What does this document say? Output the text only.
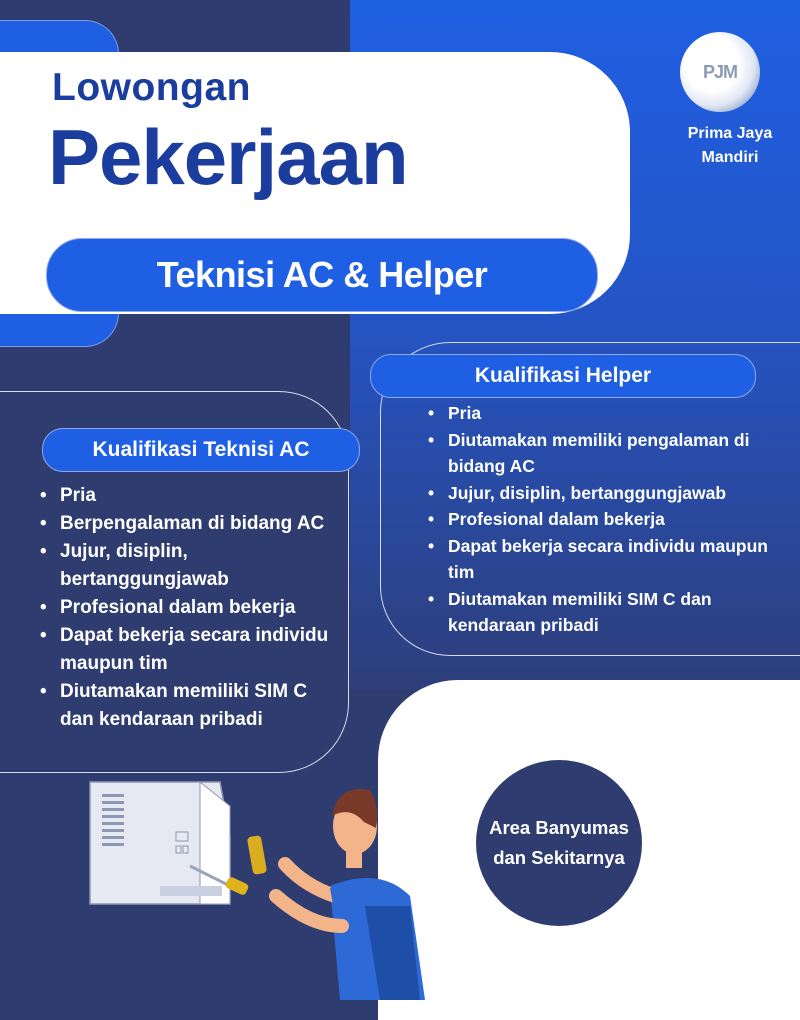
Lowongan
Pekerjaan
Teknisi AC & Helper
PJM
Prima Jaya
Mandiri
Kualifikasi Helper
• Pria
• Diutamakan memiliki pengalaman di bidang AC
• Jujur, disiplin, bertanggungjawab
• Profesional dalam bekerja
• Dapat bekerja secara individu maupun tim
• Diutamakan memiliki SIM C dan kendaraan pribadi
Kualifikasi Teknisi AC
• Pria
• Berpengalaman di bidang AC
• Jujur, disiplin, bertanggungjawab
• Profesional dalam bekerja
• Dapat bekerja secara individu maupun tim
• Diutamakan memiliki SIM C dan kendaraan pribadi
Area Banyumas
dan Sekitarnya
